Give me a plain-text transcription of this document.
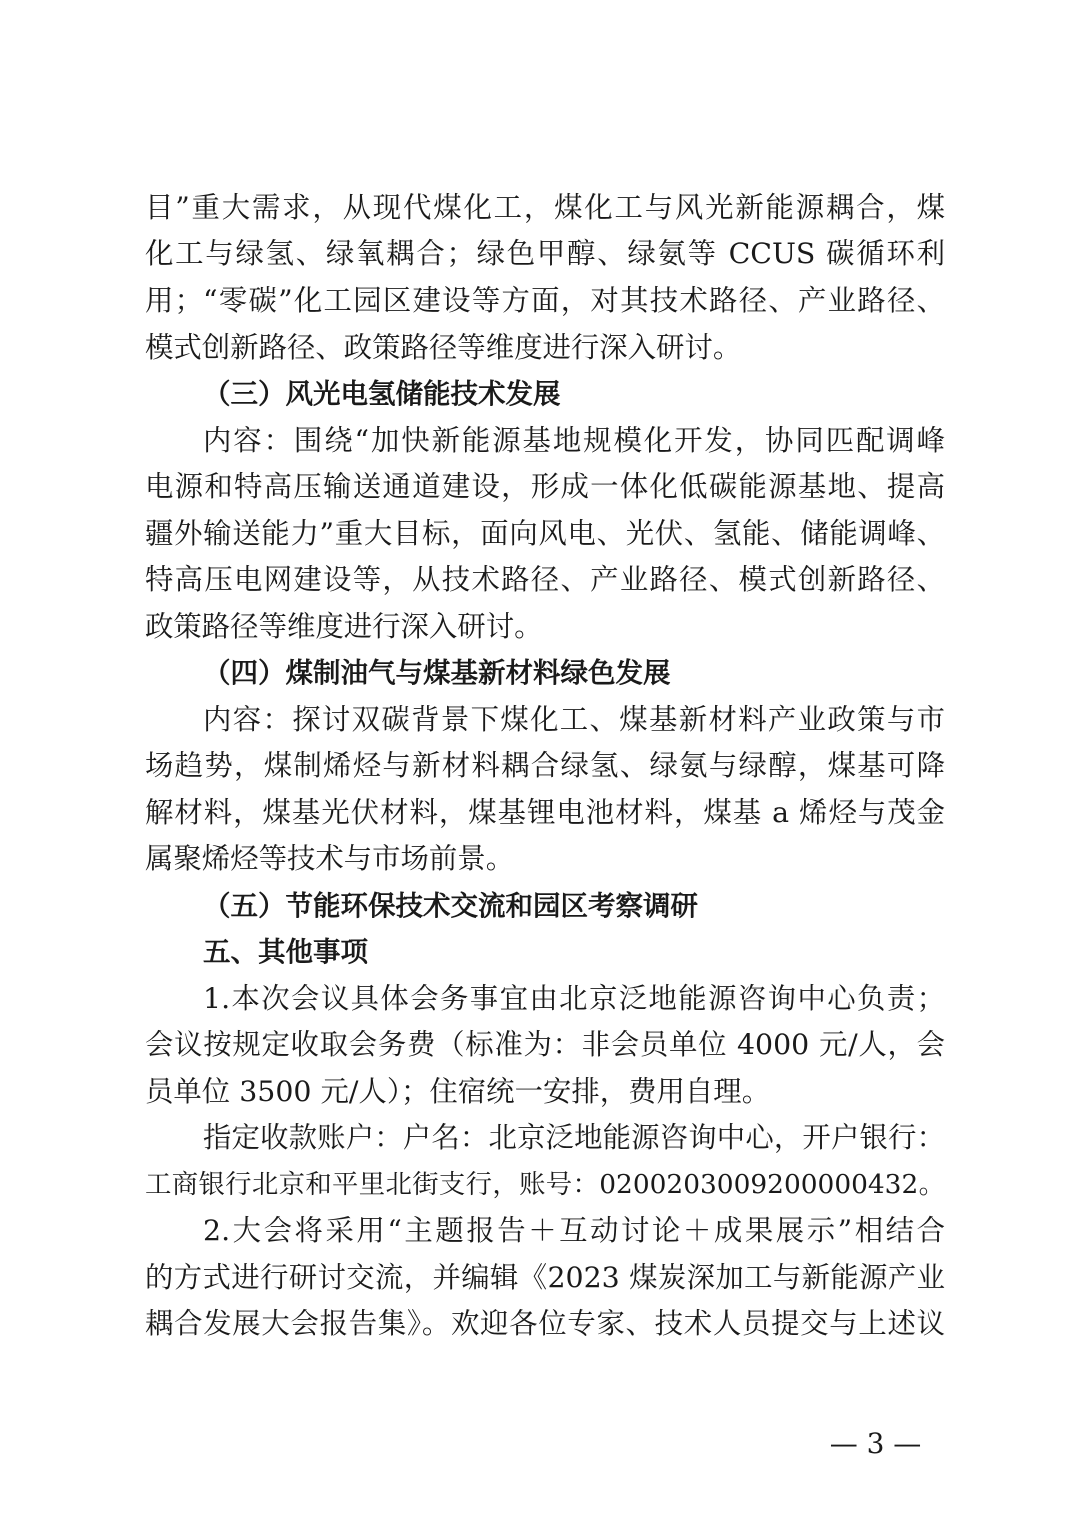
目”重大需求，从现代煤化工，煤化工与风光新能源耦合，煤
化工与绿氢、绿氧耦合；绿色甲醇、绿氨等 CCUS 碳循环利
用；“零碳”化工园区建设等方面，对其技术路径、产业路径、
模式创新路径、政策路径等维度进行深入研讨。
（三）风光电氢储能技术发展
内容：围绕“加快新能源基地规模化开发，协同匹配调峰
电源和特高压输送通道建设，形成一体化低碳能源基地、提高
疆外输送能力”重大目标，面向风电、光伏、氢能、储能调峰、
特高压电网建设等，从技术路径、产业路径、模式创新路径、
政策路径等维度进行深入研讨。
（四）煤制油气与煤基新材料绿色发展
内容：探讨双碳背景下煤化工、煤基新材料产业政策与市
场趋势，煤制烯烃与新材料耦合绿氢、绿氨与绿醇，煤基可降
解材料，煤基光伏材料，煤基锂电池材料，煤基 a 烯烃与茂金
属聚烯烃等技术与市场前景。
（五）节能环保技术交流和园区考察调研
五、其他事项
1.本次会议具体会务事宜由北京泛地能源咨询中心负责；
会议按规定收取会务费（标准为：非会员单位 4000 元/人，会
员单位 3500 元/人）；住宿统一安排，费用自理。
指定收款账户：户名：北京泛地能源咨询中心，开户银行：
工商银行北京和平里北街支行，账号：0200203009200000432。
2.大会将采用“主题报告＋互动讨论＋成果展示”相结合
的方式进行研讨交流，并编辑《2023 煤炭深加工与新能源产业
耦合发展大会报告集》。欢迎各位专家、技术人员提交与上述议
— 3 —
